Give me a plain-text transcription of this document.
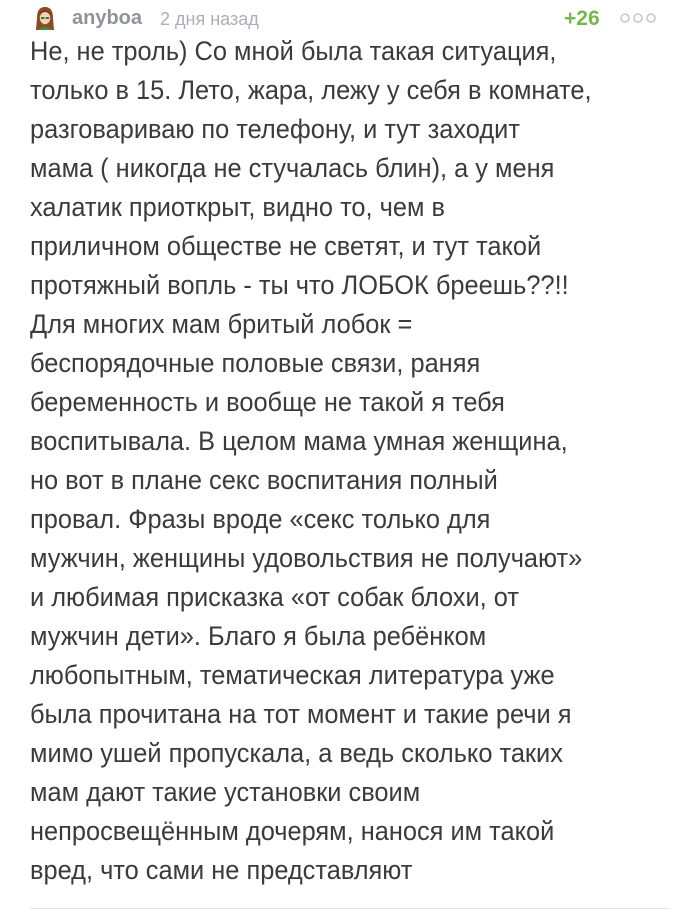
anyboa 2 дня назад	+26
Не, не троль) Со мной была такая ситуация,
только в 15. Лето, жара, лежу у себя в комнате,
разговариваю по телефону, и тут заходит
мама ( никогда не стучалась блин), а у меня
халатик приоткрыт, видно то, чем в
приличном обществе не светят, и тут такой
протяжный вопль - ты что ЛОБОК бреешь??!!
Для многих мам бритый лобок =
беспорядочные половые связи, раняя
беременность и вообще не такой я тебя
воспитывала. В целом мама умная женщина,
но вот в плане секс воспитания полный
провал. Фразы вроде «секс только для
мужчин, женщины удовольствия не получают»
и любимая присказка «от собак блохи, от
мужчин дети». Благо я была ребёнком
любопытным, тематическая литература уже
была прочитана на тот момент и такие речи я
мимо ушей пропускала, а ведь сколько таких
мам дают такие установки своим
непросвещённым дочерям, нанося им такой
вред, что сами не представляют
